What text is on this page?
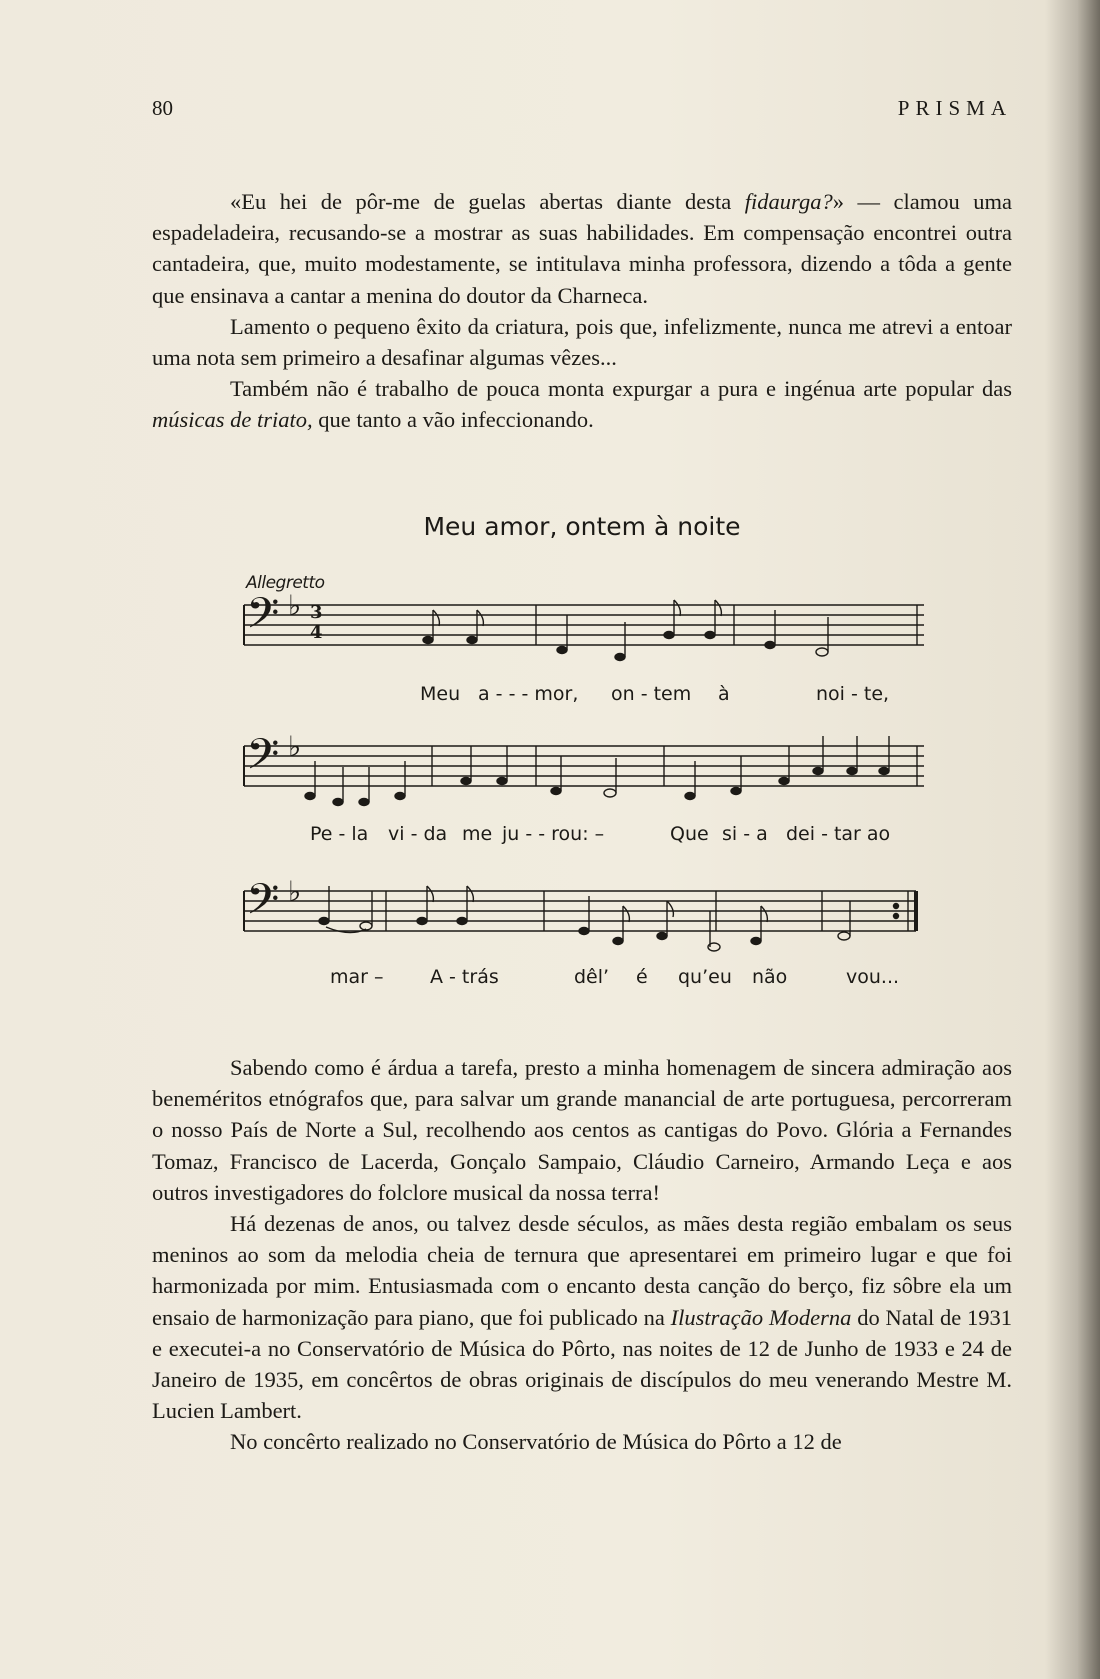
80	PRISMA

«Eu hei de pôr-me de guelas abertas diante desta fidaurga?» — clamou uma espadeladeira, recusando-se a mostrar as suas habilidades. Em compensação encontrei outra cantadeira, que, muito modestamente, se intitulava minha professora, dizendo a tôda a gente que ensinava a cantar a menina do doutor da Charneca.

Lamento o pequeno êxito da criatura, pois que, infelizmente, nunca me atrevi a entoar uma nota sem primeiro a desafinar algumas vêzes...

Também não é trabalho de pouca monta expurgar a pura e ingénua arte popular das músicas de triato, que tanto a vão infeccionando.

Meu amor, ontem à noite
Allegretto
𝄢 ♭ 3
4
Meu a - - - mor, on - tem à	noi - te,
𝄢 ♭
Pe - la vi - da me ju - - rou: –	Que si - a dei - tar ao
𝄢 ♭
mar – A - trás	dêl’ é qu’eu não	vou...

Sabendo como é árdua a tarefa, presto a minha homenagem de sincera admiração aos beneméritos etnógrafos que, para salvar um grande manancial de arte portuguesa, percorreram o nosso País de Norte a Sul, recolhendo aos centos as cantigas do Povo. Glória a Fernandes Tomaz, Francisco de Lacerda, Gonçalo Sampaio, Cláudio Carneiro, Armando Leça e aos outros investigadores do folclore musical da nossa terra!

Há dezenas de anos, ou talvez desde séculos, as mães desta região embalam os seus meninos ao som da melodia cheia de ternura que apresentarei em primeiro lugar e que foi harmonizada por mim. Entusiasmada com o encanto desta canção do berço, fiz sôbre ela um ensaio de harmonização para piano, que foi publicado na Ilustração Moderna do Natal de 1931 e executei-a no Conservatório de Música do Pôrto, nas noites de 12 de Junho de 1933 e 24 de Janeiro de 1935, em concêrtos de obras originais de discípulos do meu venerando Mestre M. Lucien Lambert.

No concêrto realizado no Conservatório de Música do Pôrto a 12 de
